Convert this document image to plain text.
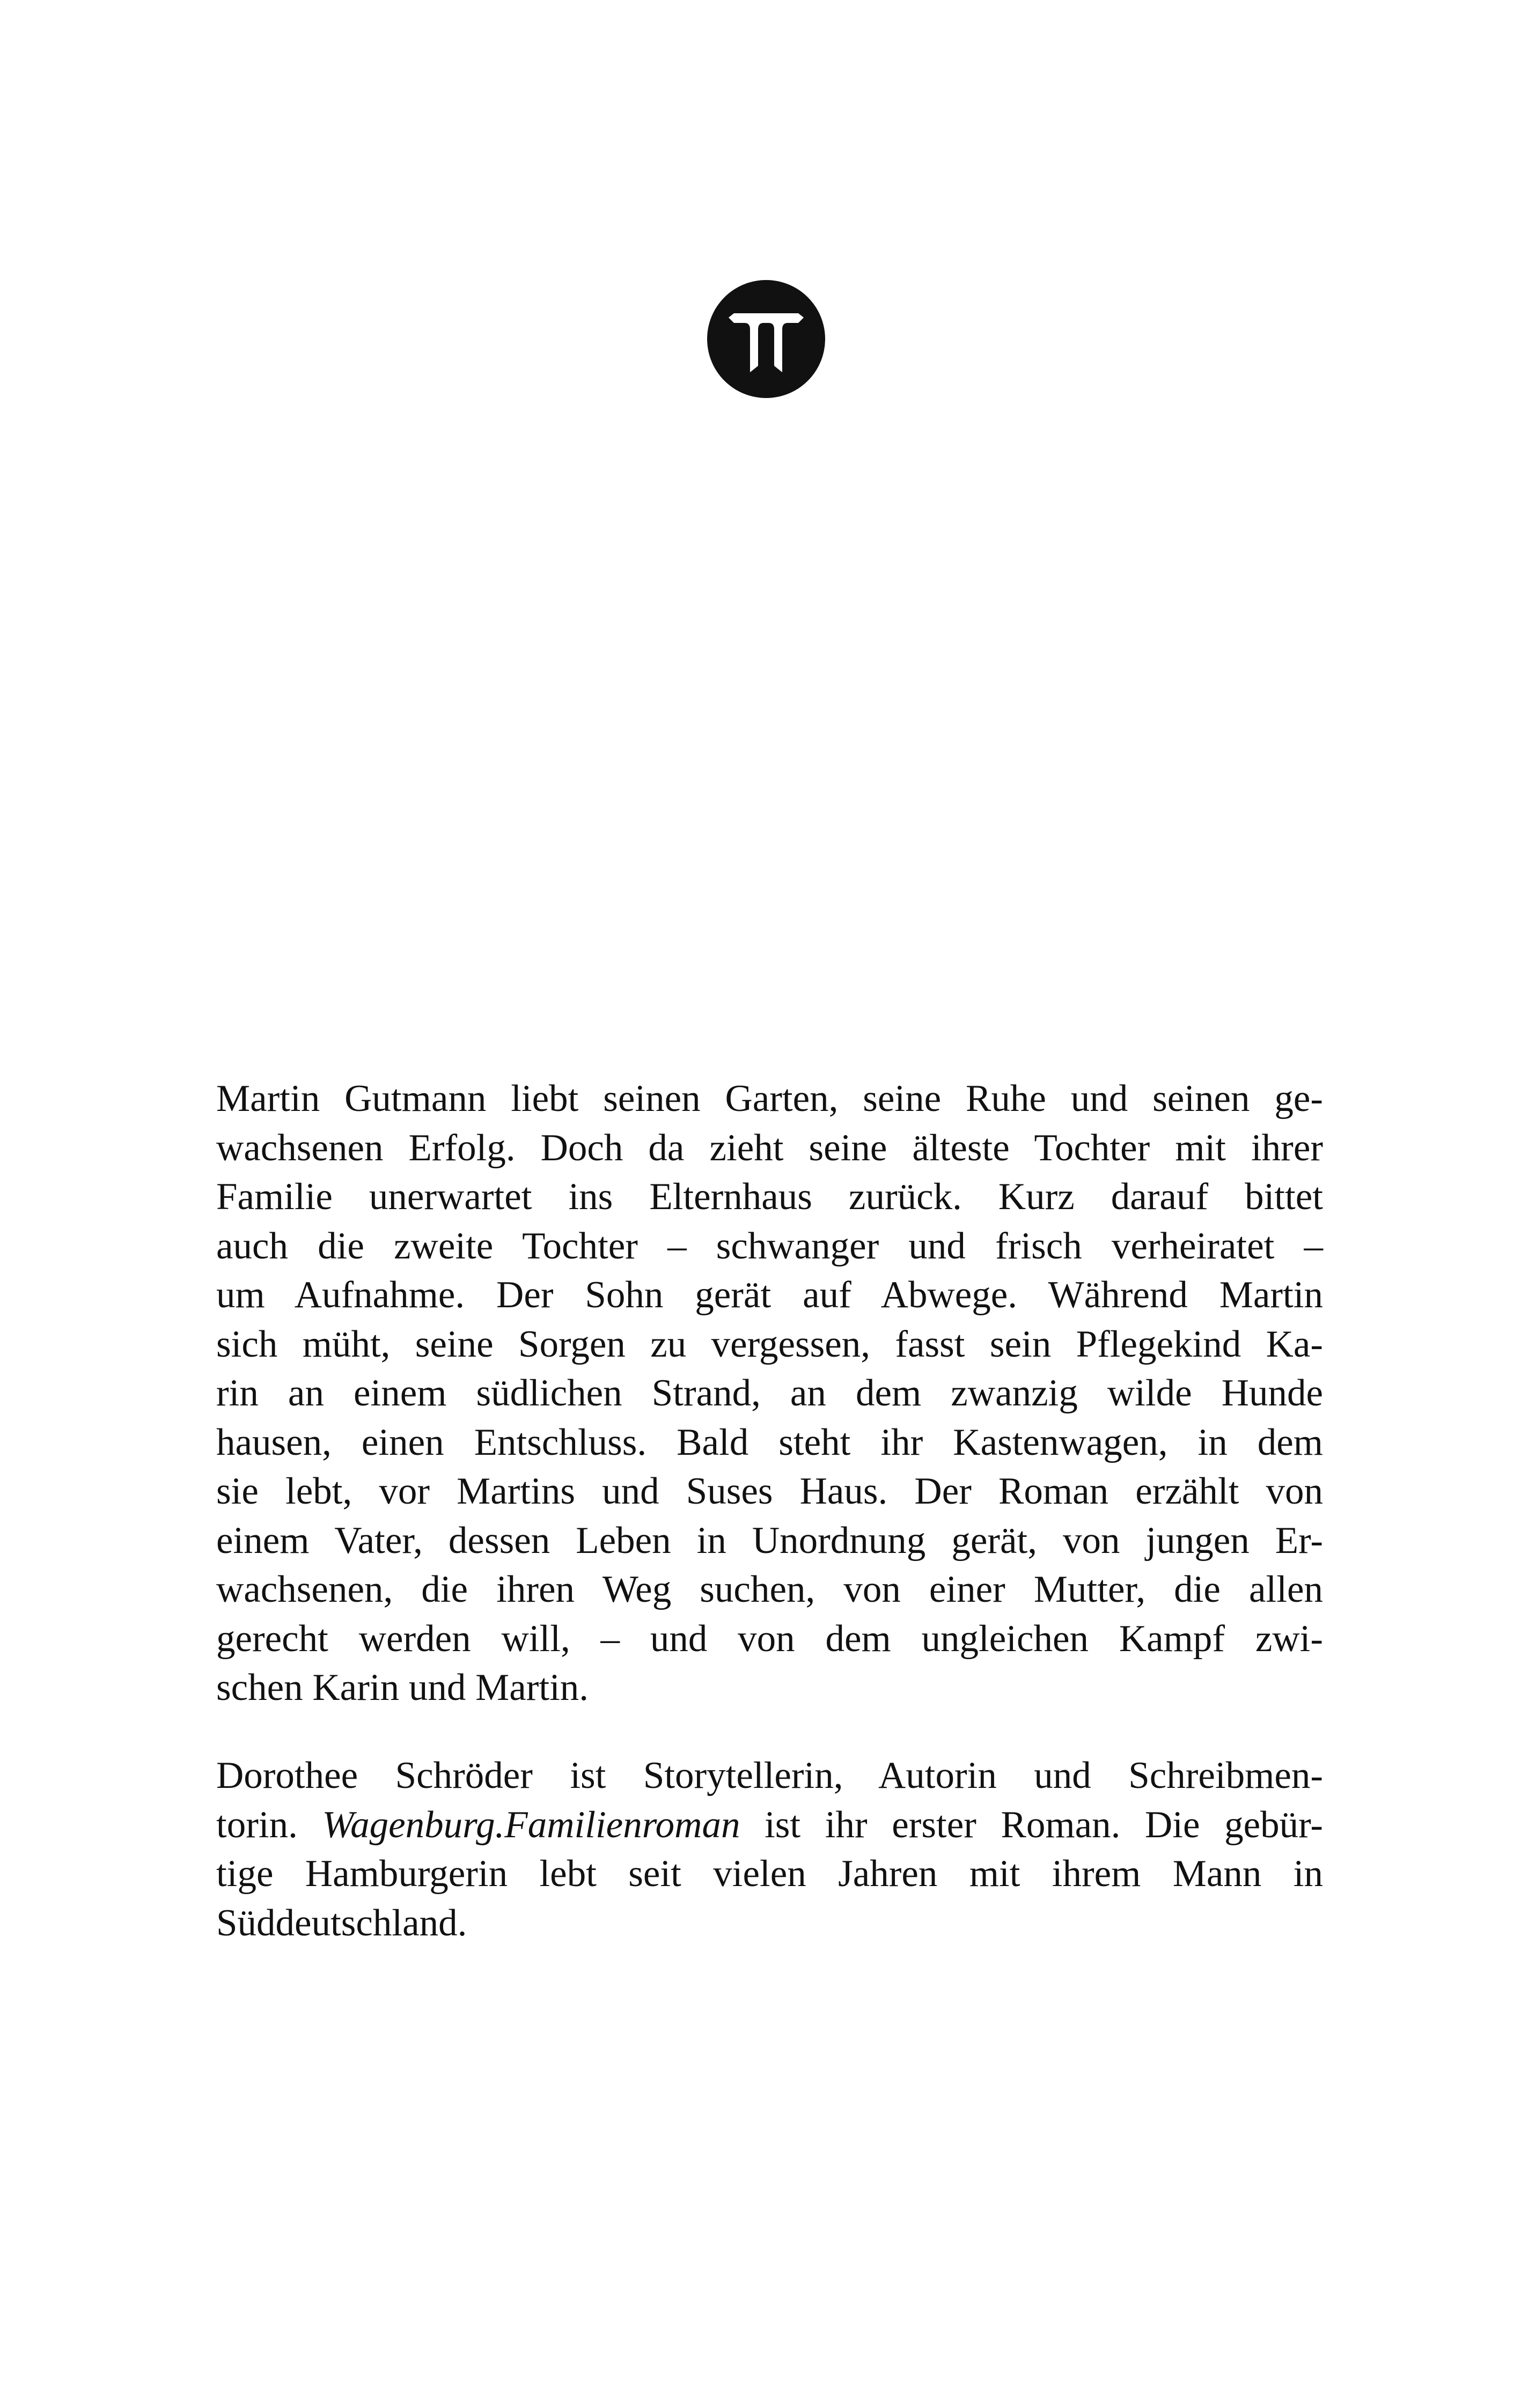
Martin Gutmann liebt seinen Garten, seine Ruhe und seinen ge-
wachsenen Erfolg. Doch da zieht seine älteste Tochter mit ihrer
Familie unerwartet ins Elternhaus zurück. Kurz darauf bittet
auch die zweite Tochter – schwanger und frisch verheiratet –
um Aufnahme. Der Sohn gerät auf Abwege. Während Martin
sich müht, seine Sorgen zu vergessen, fasst sein Pflegekind Ka-
rin an einem südlichen Strand, an dem zwanzig wilde Hunde
hausen, einen Entschluss. Bald steht ihr Kastenwagen, in dem
sie lebt, vor Martins und Suses Haus. Der Roman erzählt von
einem Vater, dessen Leben in Unordnung gerät, von jungen Er-
wachsenen, die ihren Weg suchen, von einer Mutter, die allen
gerecht werden will, – und von dem ungleichen Kampf zwi-
schen Karin und Martin.
Dorothee Schröder ist Storytellerin, Autorin und Schreibmen-
torin. Wagenburg.Familienroman ist ihr erster Roman. Die gebür-
tige Hamburgerin lebt seit vielen Jahren mit ihrem Mann in
Süddeutschland.
